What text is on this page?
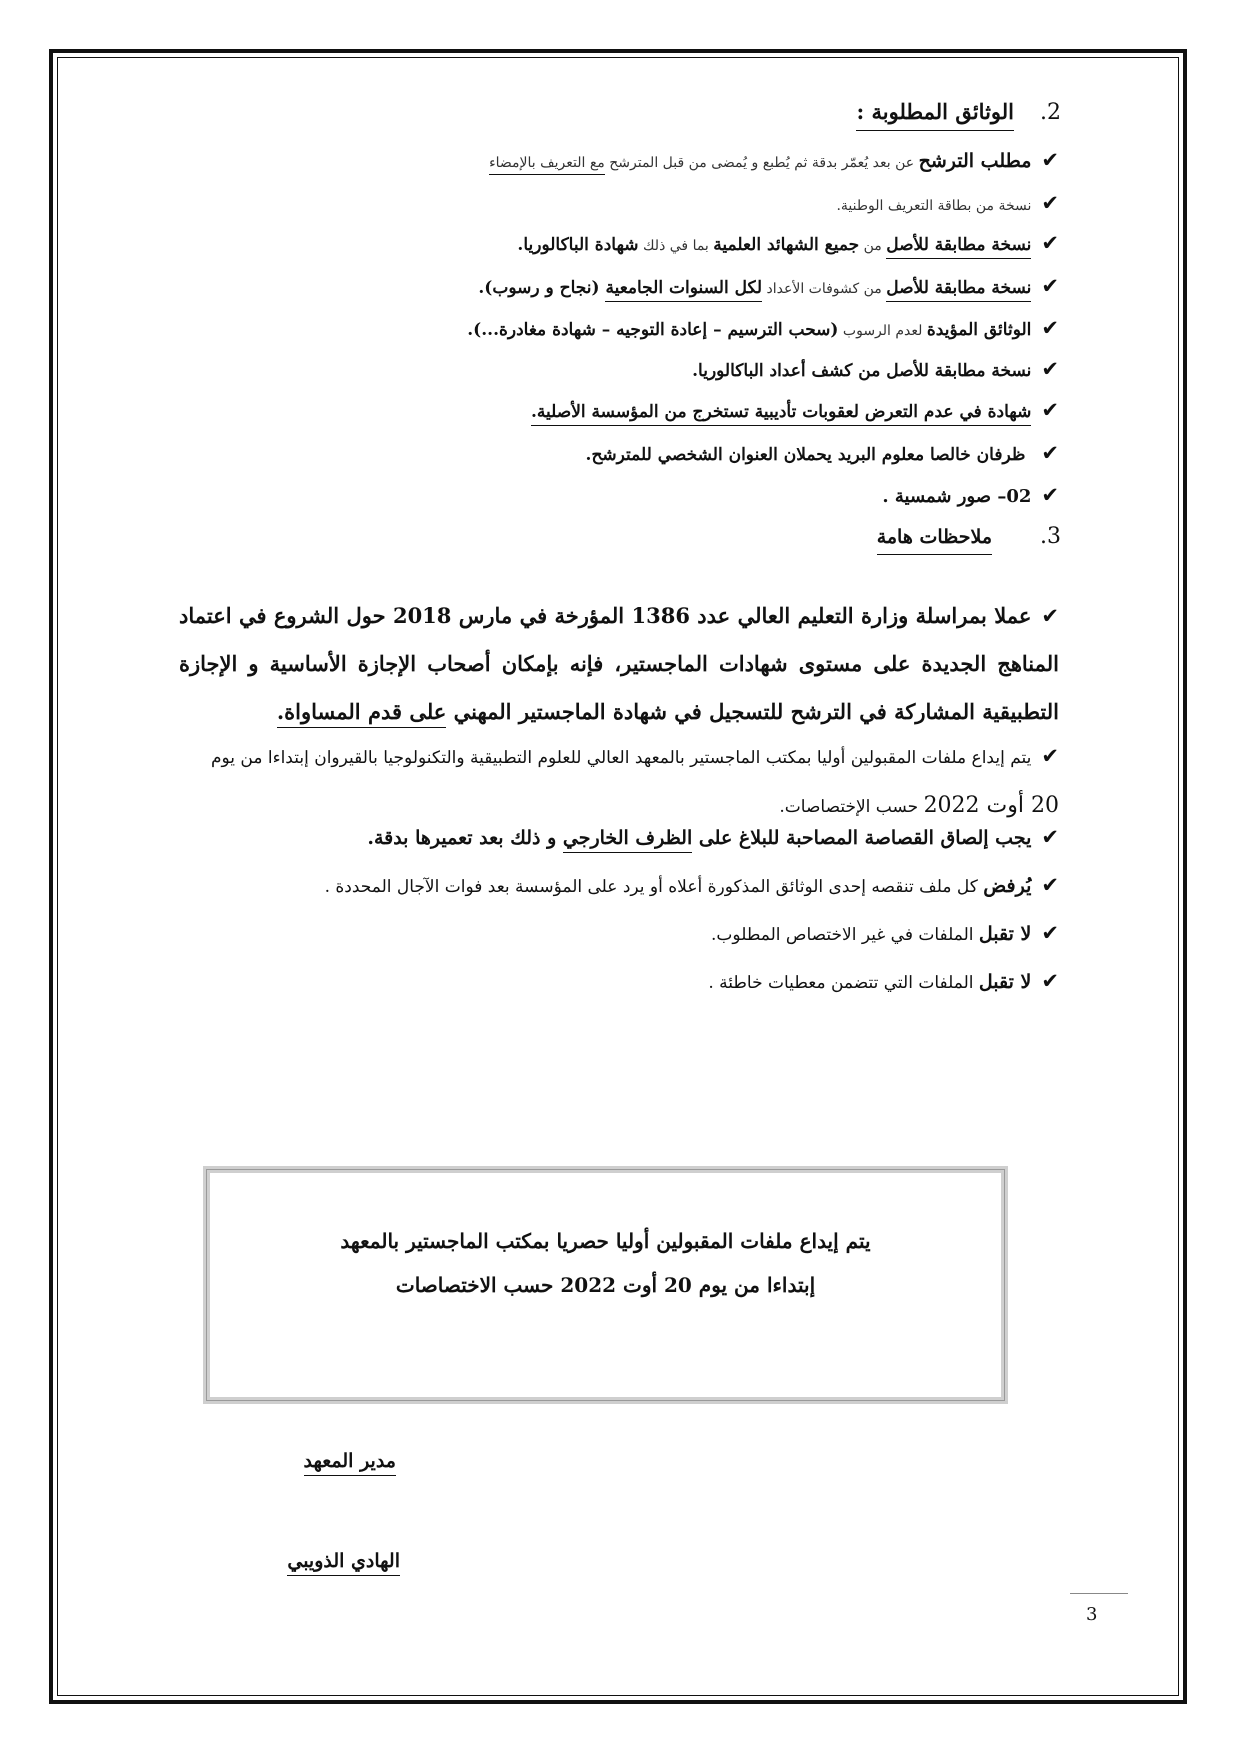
2.الوثائق المطلوبة :
✔مطلب الترشح عن بعد يُعمّر بدقة ثم يُطبع و يُمضى من قبل المترشح مع التعريف بالإمضاء
✔نسخة من بطاقة التعريف الوطنية.
✔نسخة مطابقة للأصل من جميع الشهائد العلمية بما في ذلك شهادة الباكالوريا.
✔نسخة مطابقة للأصل من كشوفات الأعداد لكل السنوات الجامعية (نجاح و رسوب).
✔الوثائق المؤيدة لعدم الرسوب (سحب الترسيم – إعادة التوجيه – شهادة مغادرة...).
✔نسخة مطابقة للأصل من كشف أعداد الباكالوريا.
✔شهادة في عدم التعرض لعقوبات تأديبية تستخرج من المؤسسة الأصلية.
✔ظرفان خالصا معلوم البريد يحملان العنوان الشخصي للمترشح.
✔02– صور شمسية .
3.ملاحظات هامة
✔عملا بمراسلة وزارة التعليم العالي عدد 1386 المؤرخة في مارس 2018 حول الشروع في اعتماد المناهج الجديدة على مستوى شهادات الماجستير، فإنه بإمكان أصحاب الإجازة الأساسية و الإجازة التطبيقية المشاركة في الترشح للتسجيل في شهادة الماجستير المهني على قدم المساواة.
✔يتم إيداع ملفات المقبولين أوليا بمكتب الماجستير بالمعهد العالي للعلوم التطبيقية والتكنولوجيا بالقيروان إبتداءا من يوم
20 أوت 2022 حسب الإختصاصات.
✔يجب إلصاق القصاصة المصاحبة للبلاغ على الظرف الخارجي و ذلك بعد تعميرها بدقة.
✔يُرفض كل ملف تنقصه إحدى الوثائق المذكورة أعلاه أو يرد على المؤسسة بعد فوات الآجال المحددة .
✔لا تقبل الملفات في غير الاختصاص المطلوب.
✔لا تقبل الملفات التي تتضمن معطيات خاطئة .
يتم إيداع ملفات المقبولين أوليا حصريا بمكتب الماجستير بالمعهد
إبتداءا من يوم 20 أوت 2022 حسب الاختصاصات
مدير المعهد
الهادي الذويبي
3
